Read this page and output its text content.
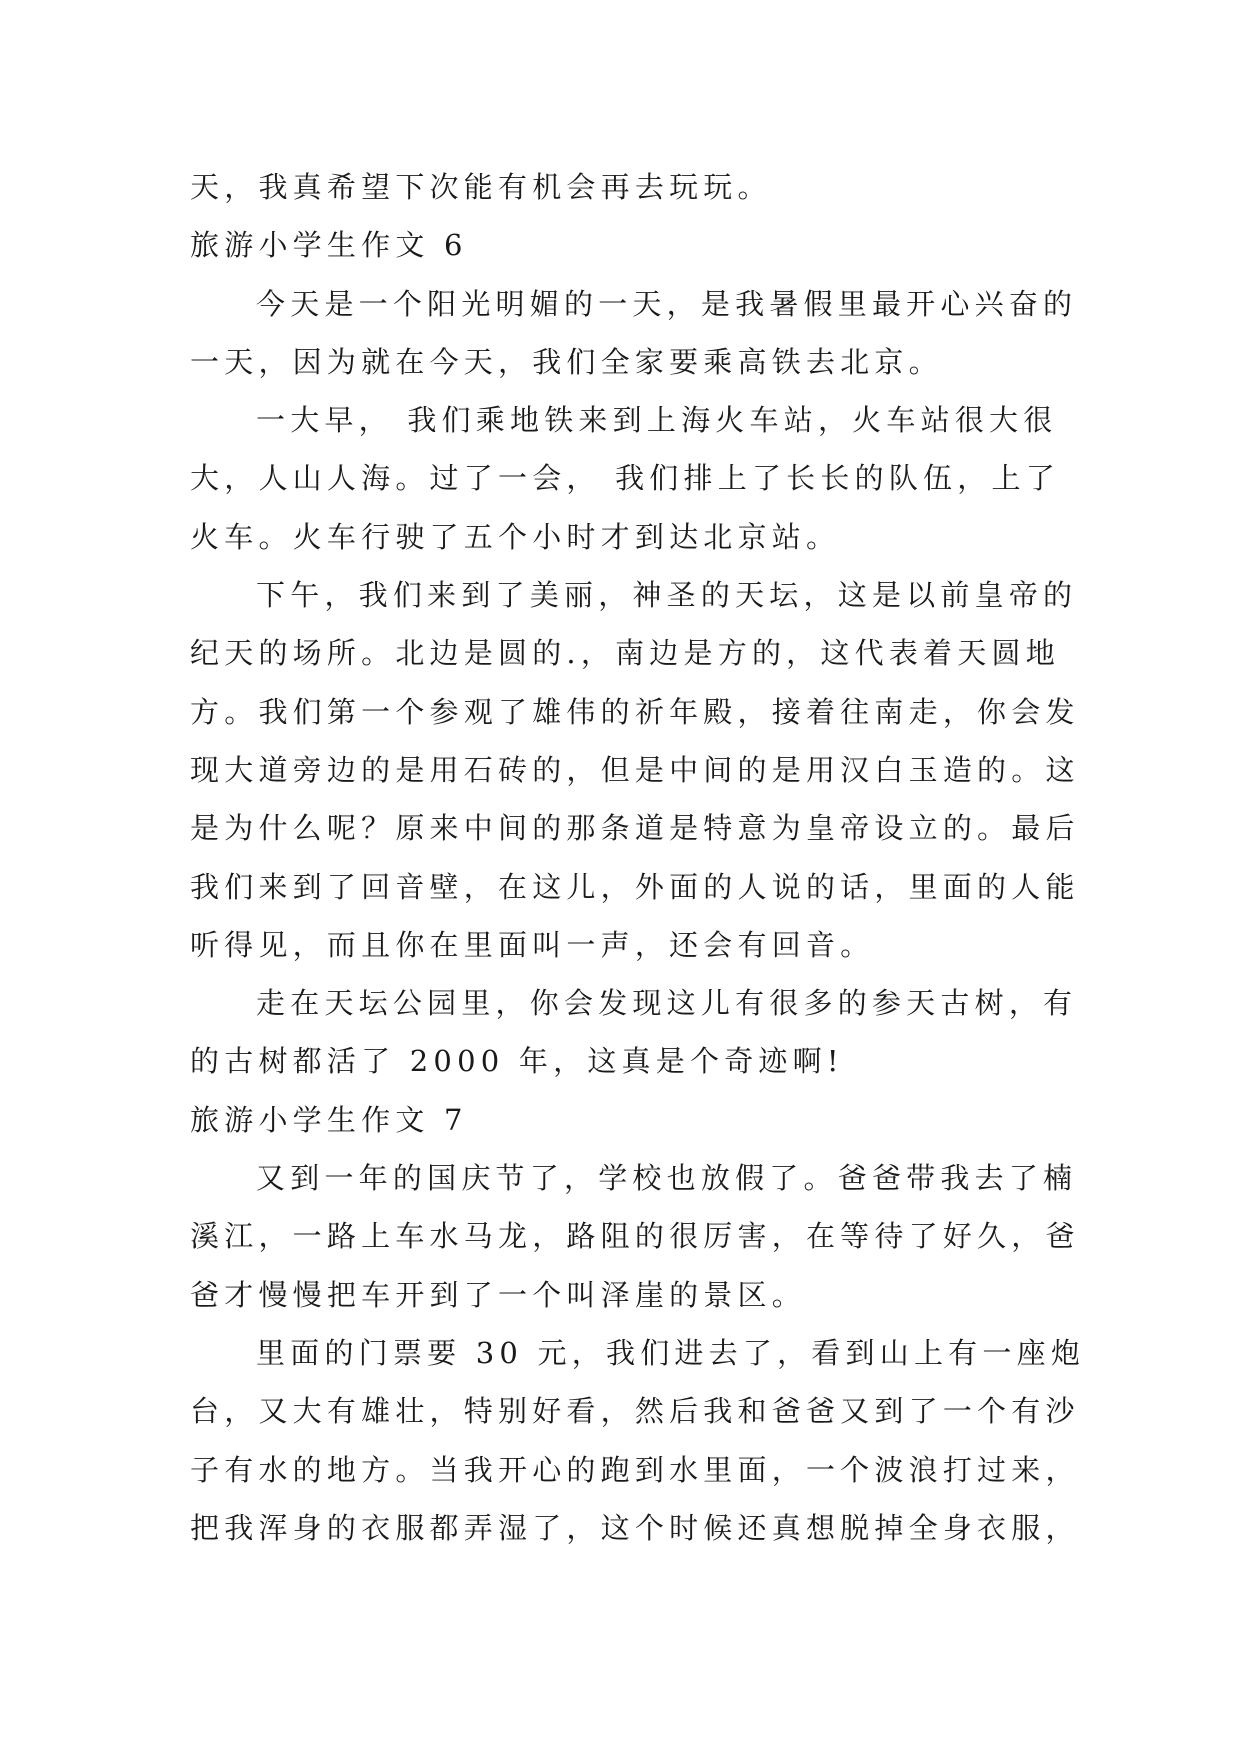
天，我真希望下次能有机会再去玩玩。
旅游小学生作文 6
今天是一个阳光明媚的一天，是我暑假里最开心兴奋的
一天，因为就在今天，我们全家要乘高铁去北京。
一大早， 我们乘地铁来到上海火车站，火车站很大很
大，人山人海。过了一会， 我们排上了长长的队伍，上了
火车。火车行驶了五个小时才到达北京站。
下午，我们来到了美丽，神圣的天坛，这是以前皇帝的
纪天的场所。北边是圆的.，南边是方的，这代表着天圆地
方。我们第一个参观了雄伟的祈年殿，接着往南走，你会发
现大道旁边的是用石砖的，但是中间的是用汉白玉造的。这
是为什么呢？原来中间的那条道是特意为皇帝设立的。最后
我们来到了回音壁，在这儿，外面的人说的话，里面的人能
听得见，而且你在里面叫一声，还会有回音。
走在天坛公园里，你会发现这儿有很多的参天古树，有
的古树都活了 2000 年，这真是个奇迹啊!
旅游小学生作文 7
又到一年的国庆节了，学校也放假了。爸爸带我去了楠
溪江，一路上车水马龙，路阻的很厉害，在等待了好久，爸
爸才慢慢把车开到了一个叫泽崖的景区。
里面的门票要 30 元，我们进去了，看到山上有一座炮
台，又大有雄壮，特别好看，然后我和爸爸又到了一个有沙
子有水的地方。当我开心的跑到水里面，一个波浪打过来，
把我浑身的衣服都弄湿了，这个时候还真想脱掉全身衣服，
